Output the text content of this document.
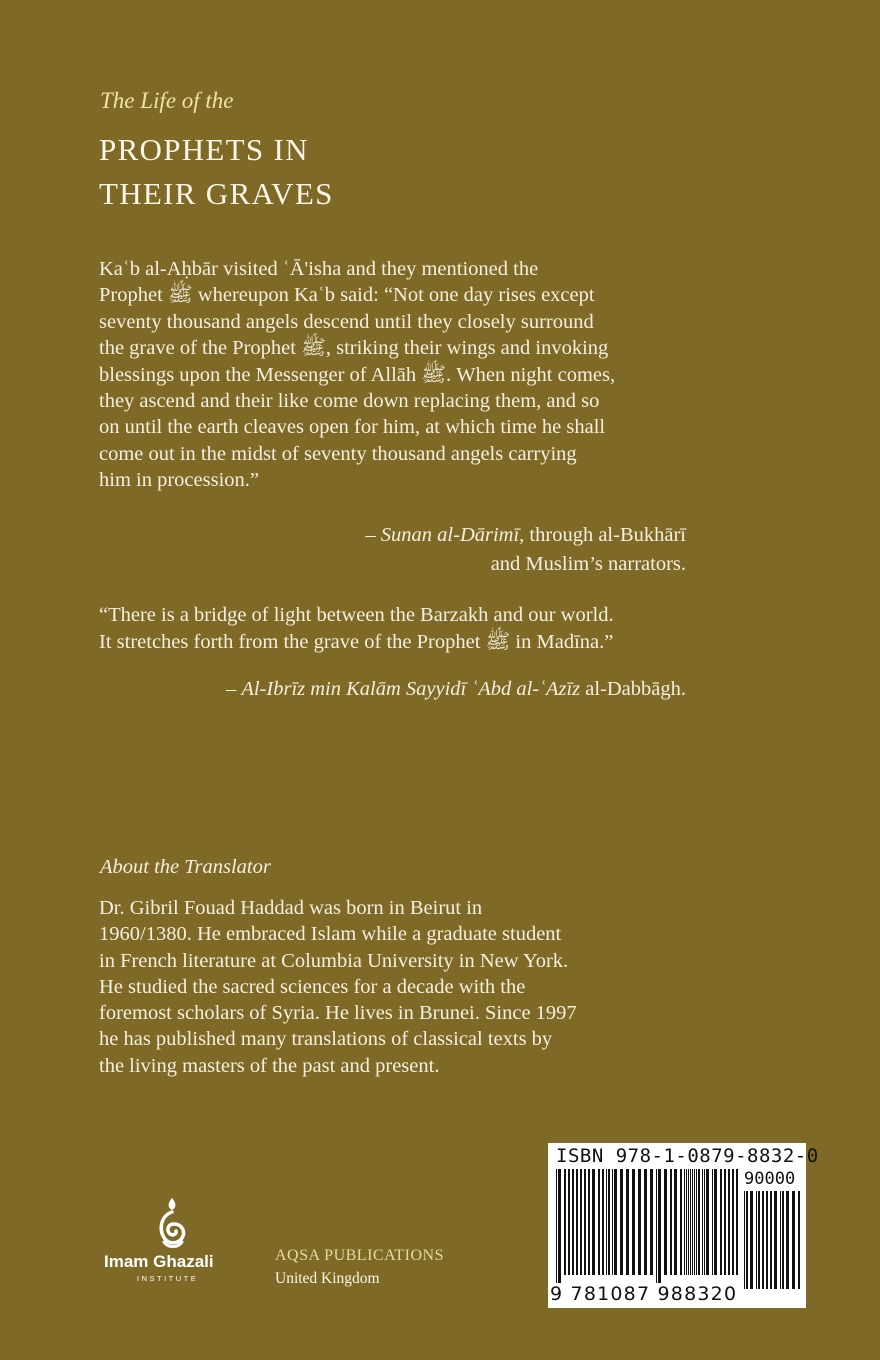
The Life of the
PROPHETS IN
THEIR GRAVES
Kaʿb al-Aḥbār visited ʿĀ'isha and they mentioned the
Prophet ﷺ whereupon Kaʿb said: “Not one day rises except
seventy thousand angels descend until they closely surround
the grave of the Prophet ﷺ, striking their wings and invoking
blessings upon the Messenger of Allāh ﷺ. When night comes,
they ascend and their like come down replacing them, and so
on until the earth cleaves open for him, at which time he shall
come out in the midst of seventy thousand angels carrying
him in procession.”
– Sunan al-Dārimī, through al-Bukhārī
and Muslim’s narrators.
“There is a bridge of light between the Barzakh and our world.
It stretches forth from the grave of the Prophet ﷺ in Madīna.”
– Al-Ibrīz min Kalām Sayyidī ʿAbd al-ʿAzīz al-Dabbāgh.
About the Translator
Dr. Gibril Fouad Haddad was born in Beirut in
1960/1380. He embraced Islam while a graduate student
in French literature at Columbia University in New York.
He studied the sacred sciences for a decade with the
foremost scholars of Syria. He lives in Brunei. Since 1997
he has published many translations of classical texts by
the living masters of the past and present.
ISBN 978-1-0879-8832-0
90000
9 781087 988320
Imam Ghazali
INSTITUTE
AQSA PUBLICATIONS
United Kingdom
